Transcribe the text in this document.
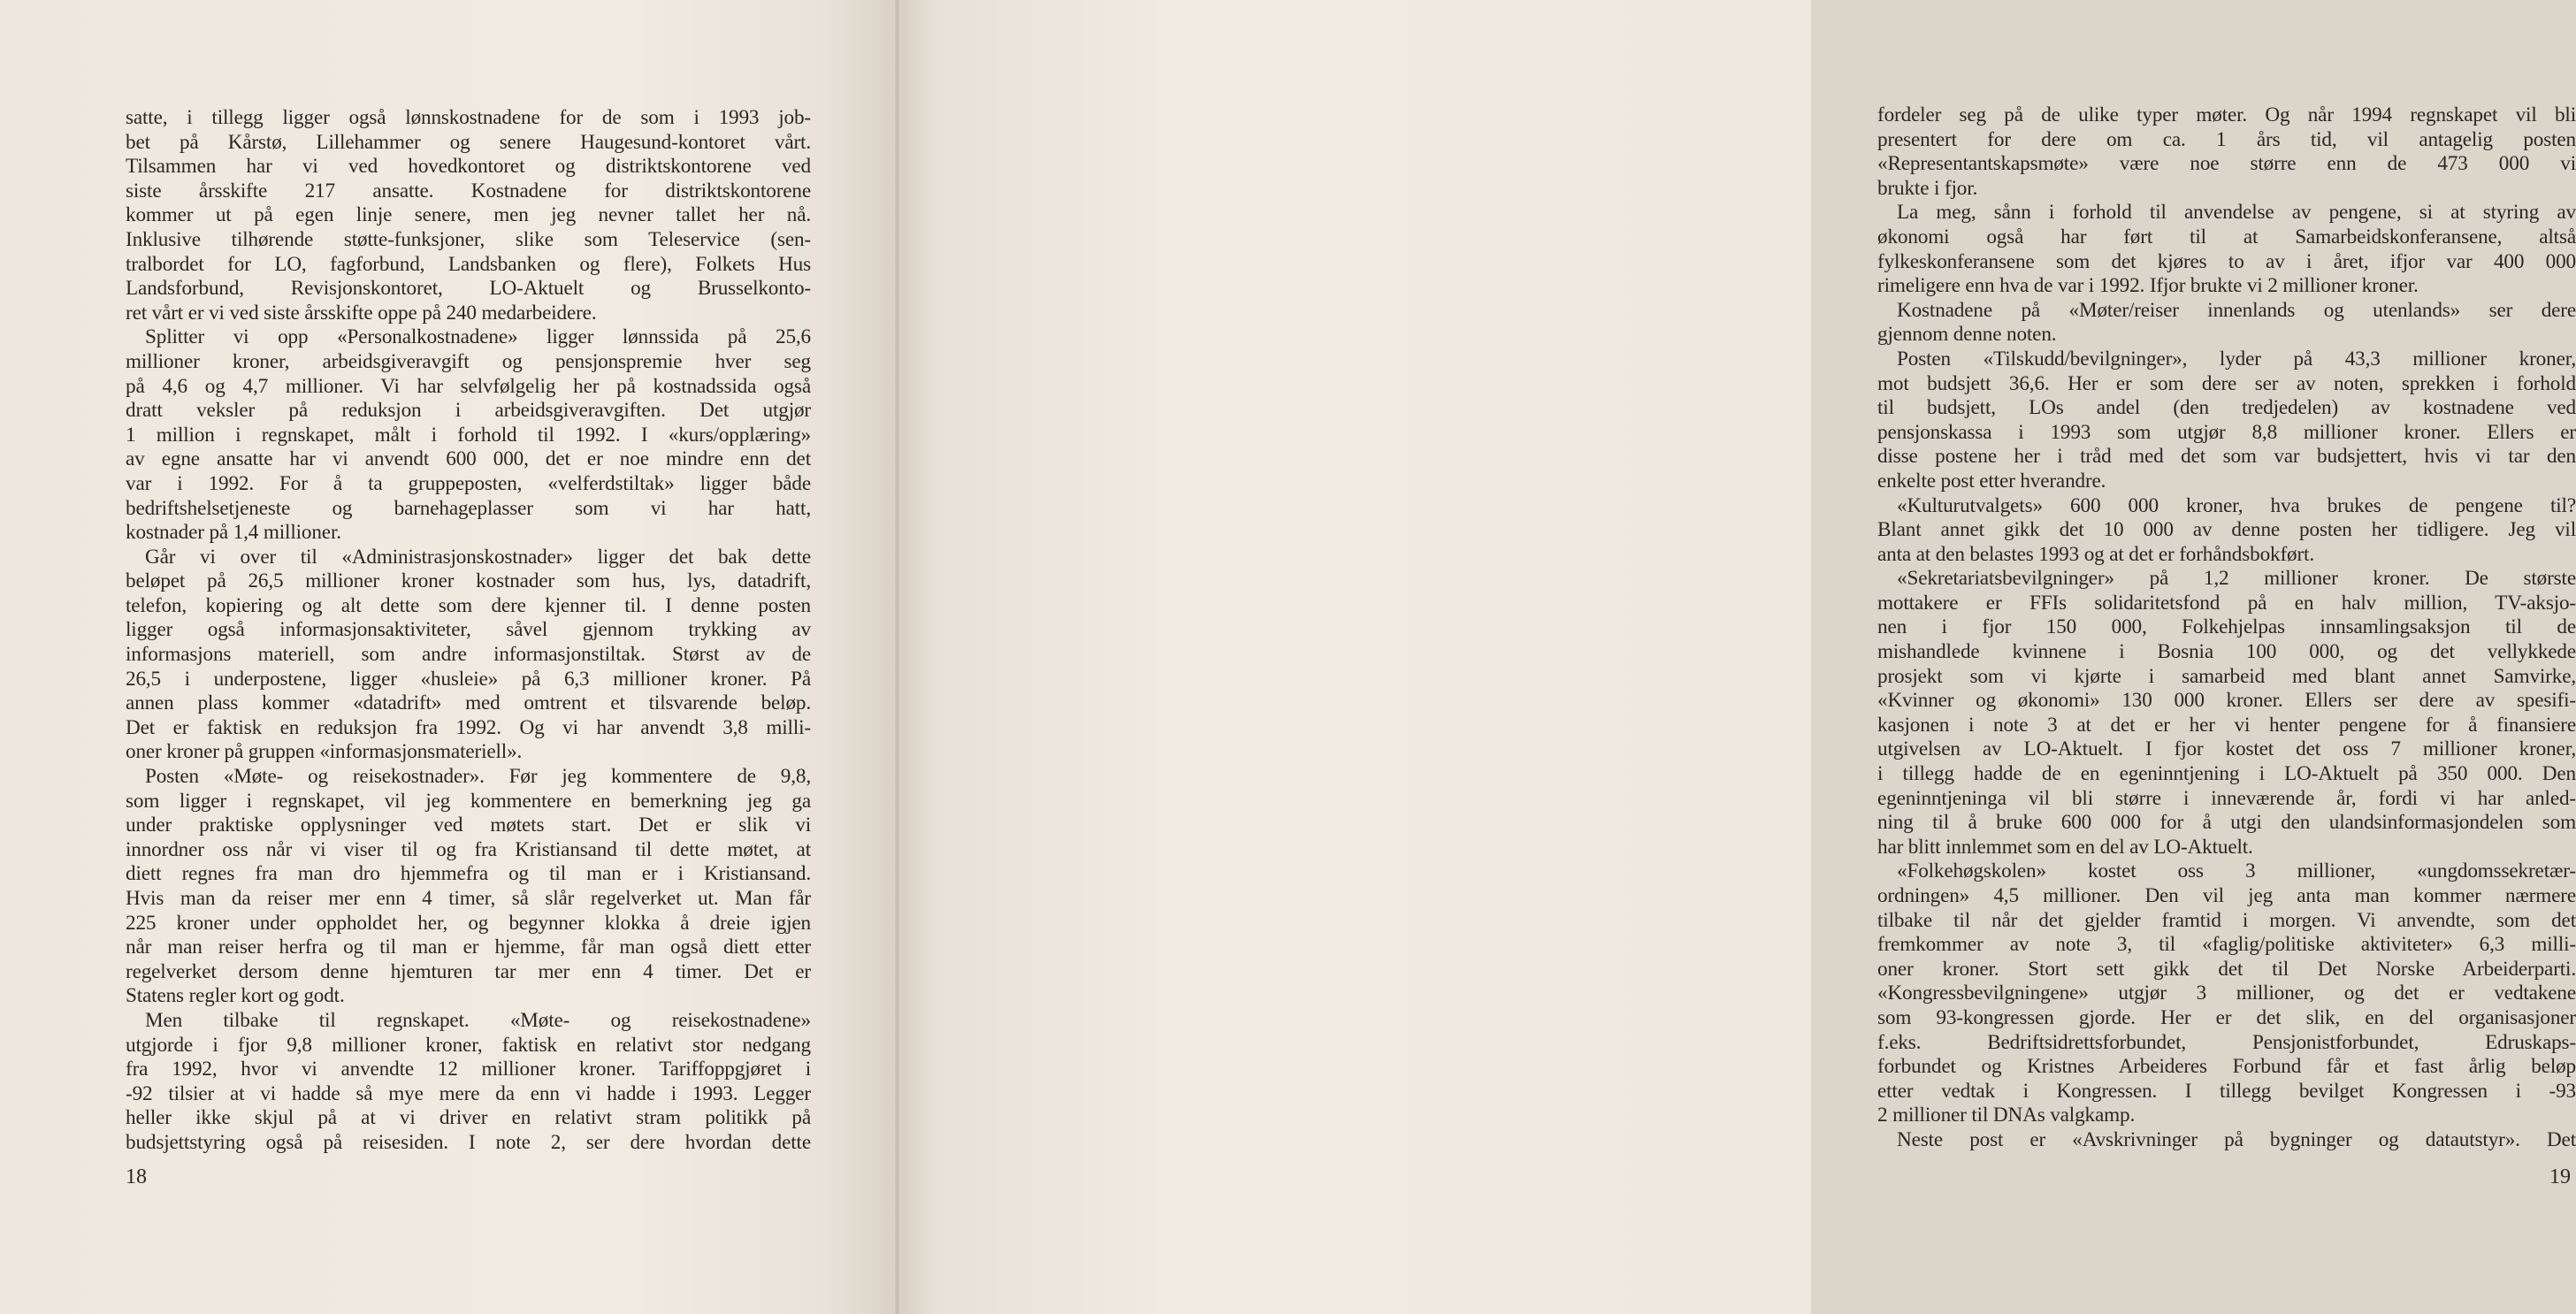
satte, i tillegg ligger også lønnskostnadene for de som i 1993 job-
bet på Kårstø, Lillehammer og senere Haugesund-kontoret vårt.
Tilsammen har vi ved hovedkontoret og distriktskontorene ved
siste årsskifte 217 ansatte. Kostnadene for distriktskontorene
kommer ut på egen linje senere, men jeg nevner tallet her nå.
Inklusive tilhørende støtte-funksjoner, slike som Teleservice (sen-
tralbordet for LO, fagforbund, Landsbanken og flere), Folkets Hus
Landsforbund, Revisjonskontoret, LO-Aktuelt og Brusselkonto-
ret vårt er vi ved siste årsskifte oppe på 240 medarbeidere.
Splitter vi opp «Personalkostnadene» ligger lønnssida på 25,6
millioner kroner, arbeidsgiveravgift og pensjonspremie hver seg
på 4,6 og 4,7 millioner. Vi har selvfølgelig her på kostnadssida også
dratt veksler på reduksjon i arbeidsgiveravgiften. Det utgjør
1 million i regnskapet, målt i forhold til 1992. I «kurs/opplæring»
av egne ansatte har vi anvendt 600 000, det er noe mindre enn det
var i 1992. For å ta gruppeposten, «velferdstiltak» ligger både
bedriftshelsetjeneste og barnehageplasser som vi har hatt,
kostnader på 1,4 millioner.
Går vi over til «Administrasjonskostnader» ligger det bak dette
beløpet på 26,5 millioner kroner kostnader som hus, lys, datadrift,
telefon, kopiering og alt dette som dere kjenner til. I denne posten
ligger også informasjonsaktiviteter, såvel gjennom trykking av
informasjons materiell, som andre informasjonstiltak. Størst av de
26,5 i underpostene, ligger «husleie» på 6,3 millioner kroner. På
annen plass kommer «datadrift» med omtrent et tilsvarende beløp.
Det er faktisk en reduksjon fra 1992. Og vi har anvendt 3,8 milli-
oner kroner på gruppen «informasjonsmateriell».
Posten «Møte- og reisekostnader». Før jeg kommentere de 9,8,
som ligger i regnskapet, vil jeg kommentere en bemerkning jeg ga
under praktiske opplysninger ved møtets start. Det er slik vi
innordner oss når vi viser til og fra Kristiansand til dette møtet, at
diett regnes fra man dro hjemmefra og til man er i Kristiansand.
Hvis man da reiser mer enn 4 timer, så slår regelverket ut. Man får
225 kroner under oppholdet her, og begynner klokka å dreie igjen
når man reiser herfra og til man er hjemme, får man også diett etter
regelverket dersom denne hjemturen tar mer enn 4 timer. Det er
Statens regler kort og godt.
Men tilbake til regnskapet. «Møte- og reisekostnadene»
utgjorde i fjor 9,8 millioner kroner, faktisk en relativt stor nedgang
fra 1992, hvor vi anvendte 12 millioner kroner. Tariffoppgjøret i
-92 tilsier at vi hadde så mye mere da enn vi hadde i 1993. Legger
heller ikke skjul på at vi driver en relativt stram politikk på
budsjettstyring også på reisesiden. I note 2, ser dere hvordan dette
18
fordeler seg på de ulike typer møter. Og når 1994 regnskapet vil bli
presentert for dere om ca. 1 års tid, vil antagelig posten
«Representantskapsmøte» være noe større enn de 473 000 vi
brukte i fjor.
La meg, sånn i forhold til anvendelse av pengene, si at styring av
økonomi også har ført til at Samarbeidskonferansene, altså
fylkeskonferansene som det kjøres to av i året, ifjor var 400 000
rimeligere enn hva de var i 1992. Ifjor brukte vi 2 millioner kroner.
Kostnadene på «Møter/reiser innenlands og utenlands» ser dere
gjennom denne noten.
Posten «Tilskudd/bevilgninger», lyder på 43,3 millioner kroner,
mot budsjett 36,6. Her er som dere ser av noten, sprekken i forhold
til budsjett, LOs andel (den tredjedelen) av kostnadene ved
pensjonskassa i 1993 som utgjør 8,8 millioner kroner. Ellers er
disse postene her i tråd med det som var budsjettert, hvis vi tar den
enkelte post etter hverandre.
«Kulturutvalgets» 600 000 kroner, hva brukes de pengene til?
Blant annet gikk det 10 000 av denne posten her tidligere. Jeg vil
anta at den belastes 1993 og at det er forhåndsbokført.
«Sekretariatsbevilgninger» på 1,2 millioner kroner. De største
mottakere er FFIs solidaritetsfond på en halv million, TV-aksjo-
nen i fjor 150 000, Folkehjelpas innsamlingsaksjon til de
mishandlede kvinnene i Bosnia 100 000, og det vellykkede
prosjekt som vi kjørte i samarbeid med blant annet Samvirke,
«Kvinner og økonomi» 130 000 kroner. Ellers ser dere av spesifi-
kasjonen i note 3 at det er her vi henter pengene for å finansiere
utgivelsen av LO-Aktuelt. I fjor kostet det oss 7 millioner kroner,
i tillegg hadde de en egeninntjening i LO-Aktuelt på 350 000. Den
egeninntjeninga vil bli større i inneværende år, fordi vi har anled-
ning til å bruke 600 000 for å utgi den ulandsinformasjondelen som
har blitt innlemmet som en del av LO-Aktuelt.
«Folkehøgskolen» kostet oss 3 millioner, «ungdomssekretær-
ordningen» 4,5 millioner. Den vil jeg anta man kommer nærmere
tilbake til når det gjelder framtid i morgen. Vi anvendte, som det
fremkommer av note 3, til «faglig/politiske aktiviteter» 6,3 milli-
oner kroner. Stort sett gikk det til Det Norske Arbeiderparti.
«Kongressbevilgningene» utgjør 3 millioner, og det er vedtakene
som 93-kongressen gjorde. Her er det slik, en del organisasjoner
f.eks. Bedriftsidrettsforbundet, Pensjonistforbundet, Edruskaps-
forbundet og Kristnes Arbeideres Forbund får et fast årlig beløp
etter vedtak i Kongressen. I tillegg bevilget Kongressen i -93
2 millioner til DNAs valgkamp.
Neste post er «Avskrivninger på bygninger og datautstyr». Det
19
